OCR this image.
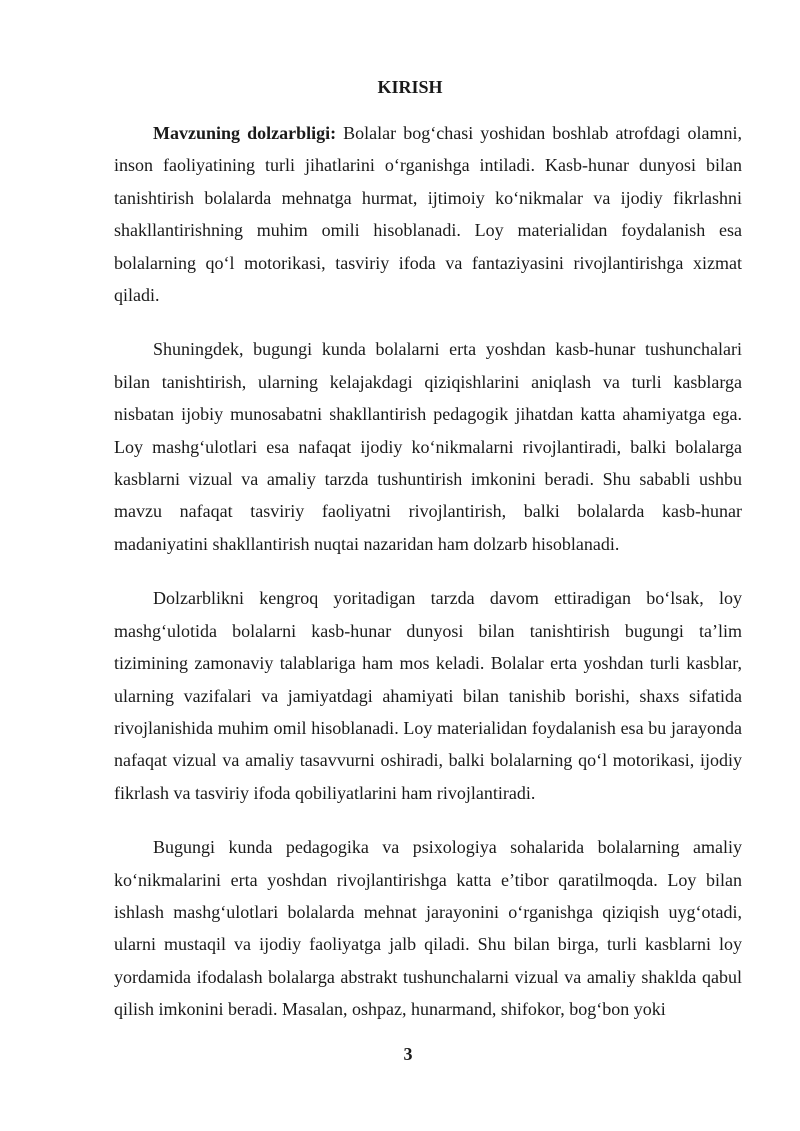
KIRISH

Mavzuning dolzarbligi: Bolalar bog‘chasi yoshidan boshlab atrofdagi olamni, inson faoliyatining turli jihatlarini o‘rganishga intiladi. Kasb-hunar dunyosi bilan tanishtirish bolalarda mehnatga hurmat, ijtimoiy ko‘nikmalar va ijodiy fikrlashni shakllantirishning muhim omili hisoblanadi. Loy materialidan foydalanish esa bolalarning qo‘l motorikasi, tasviriy ifoda va fantaziyasini rivojlantirishga xizmat qiladi.

Shuningdek, bugungi kunda bolalarni erta yoshdan kasb-hunar tushunchalari bilan tanishtirish, ularning kelajakdagi qiziqishlarini aniqlash va turli kasblarga nisbatan ijobiy munosabatni shakllantirish pedagogik jihatdan katta ahamiyatga ega. Loy mashg‘ulotlari esa nafaqat ijodiy ko‘nikmalarni rivojlantiradi, balki bolalarga kasblarni vizual va amaliy tarzda tushuntirish imkonini beradi. Shu sababli ushbu mavzu nafaqat tasviriy faoliyatni rivojlantirish, balki bolalarda kasb-hunar madaniyatini shakllantirish nuqtai nazaridan ham dolzarb hisoblanadi.

Dolzarblikni kengroq yoritadigan tarzda davom ettiradigan bo‘lsak, loy mashg‘ulotida bolalarni kasb-hunar dunyosi bilan tanishtirish bugungi ta’lim tizimining zamonaviy talablariga ham mos keladi. Bolalar erta yoshdan turli kasblar, ularning vazifalari va jamiyatdagi ahamiyati bilan tanishib borishi, shaxs sifatida rivojlanishida muhim omil hisoblanadi. Loy materialidan foydalanish esa bu jarayonda nafaqat vizual va amaliy tasavvurni oshiradi, balki bolalarning qo‘l motorikasi, ijodiy fikrlash va tasviriy ifoda qobiliyatlarini ham rivojlantiradi.

Bugungi kunda pedagogika va psixologiya sohalarida bolalarning amaliy ko‘nikmalarini erta yoshdan rivojlantirishga katta e’tibor qaratilmoqda. Loy bilan ishlash mashg‘ulotlari bolalarda mehnat jarayonini o‘rganishga qiziqish uyg‘otadi, ularni mustaqil va ijodiy faoliyatga jalb qiladi. Shu bilan birga, turli kasblarni loy yordamida ifodalash bolalarga abstrakt tushunchalarni vizual va amaliy shaklda qabul qilish imkonini beradi. Masalan, oshpaz, hunarmand, shifokor, bog‘bon yoki

3
